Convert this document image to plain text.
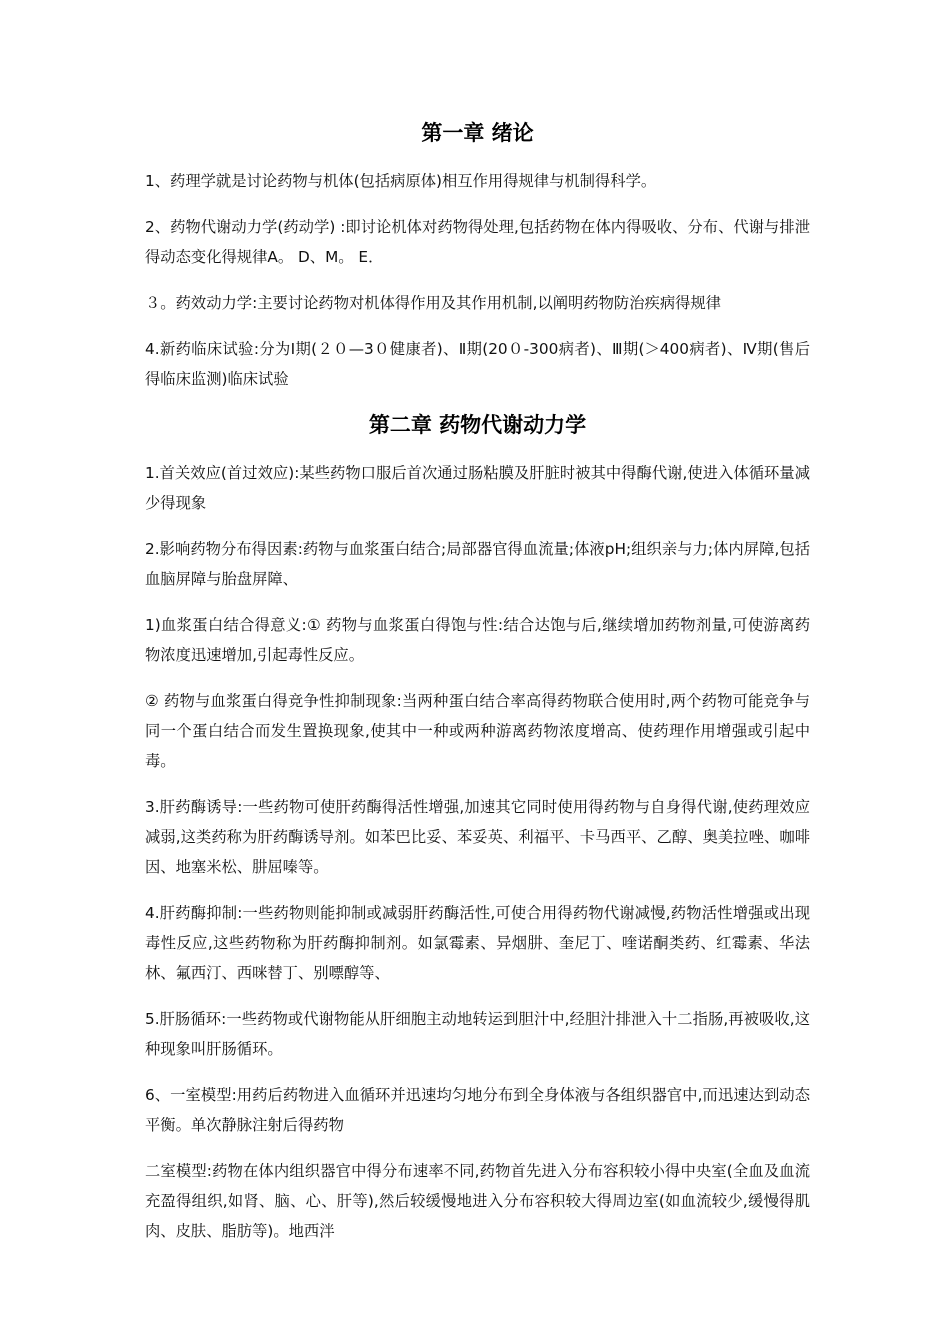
第一章 绪论

1、药理学就是讨论药物与机体(包括病原体)相互作用得规律与机制得科学。

2、药物代谢动力学(药动学) :即讨论机体对药物得处理,包括药物在体内得吸收、分布、代谢与排泄得动态变化得规律A。 D、M。 E．

３。药效动力学:主要讨论药物对机体得作用及其作用机制,以阐明药物防治疾病得规律

4.新药临床试验:分为Ⅰ期(２０—3０健康者)、Ⅱ期(20０-300病者)、Ⅲ期(＞400病者)、Ⅳ期(售后得临床监测)临床试验

第二章 药物代谢动力学

1.首关效应(首过效应):某些药物口服后首次通过肠粘膜及肝脏时被其中得酶代谢,使进入体循环量减少得现象

2.影响药物分布得因素:药物与血浆蛋白结合;局部器官得血流量;体液pH;组织亲与力;体内屏障,包括血脑屏障与胎盘屏障、

1)血浆蛋白结合得意义:① 药物与血浆蛋白得饱与性:结合达饱与后,继续增加药物剂量,可使游离药物浓度迅速增加,引起毒性反应。

② 药物与血浆蛋白得竞争性抑制现象:当两种蛋白结合率高得药物联合使用时,两个药物可能竞争与同一个蛋白结合而发生置换现象,使其中一种或两种游离药物浓度增高、使药理作用增强或引起中毒。

3.肝药酶诱导:一些药物可使肝药酶得活性增强,加速其它同时使用得药物与自身得代谢,使药理效应减弱,这类药称为肝药酶诱导剂。如苯巴比妥、苯妥英、利福平、卡马西平、乙醇、奥美拉唑、咖啡因、地塞米松、肼屈嗪等。

4.肝药酶抑制:一些药物则能抑制或减弱肝药酶活性,可使合用得药物代谢减慢,药物活性增强或出现毒性反应,这些药物称为肝药酶抑制剂。如氯霉素、异烟肼、奎尼丁、喹诺酮类药、红霉素、华法林、氟西汀、西咪替丁、别嘌醇等、

5.肝肠循环:一些药物或代谢物能从肝细胞主动地转运到胆汁中,经胆汁排泄入十二指肠,再被吸收,这种现象叫肝肠循环。

6、一室模型:用药后药物进入血循环并迅速均匀地分布到全身体液与各组织器官中,而迅速达到动态平衡。单次静脉注射后得药物

二室模型:药物在体内组织器官中得分布速率不同,药物首先进入分布容积较小得中央室(全血及血流充盈得组织,如肾、脑、心、肝等),然后较缓慢地进入分布容积较大得周边室(如血流较少,缓慢得肌肉、皮肤、脂肪等)。地西泮
